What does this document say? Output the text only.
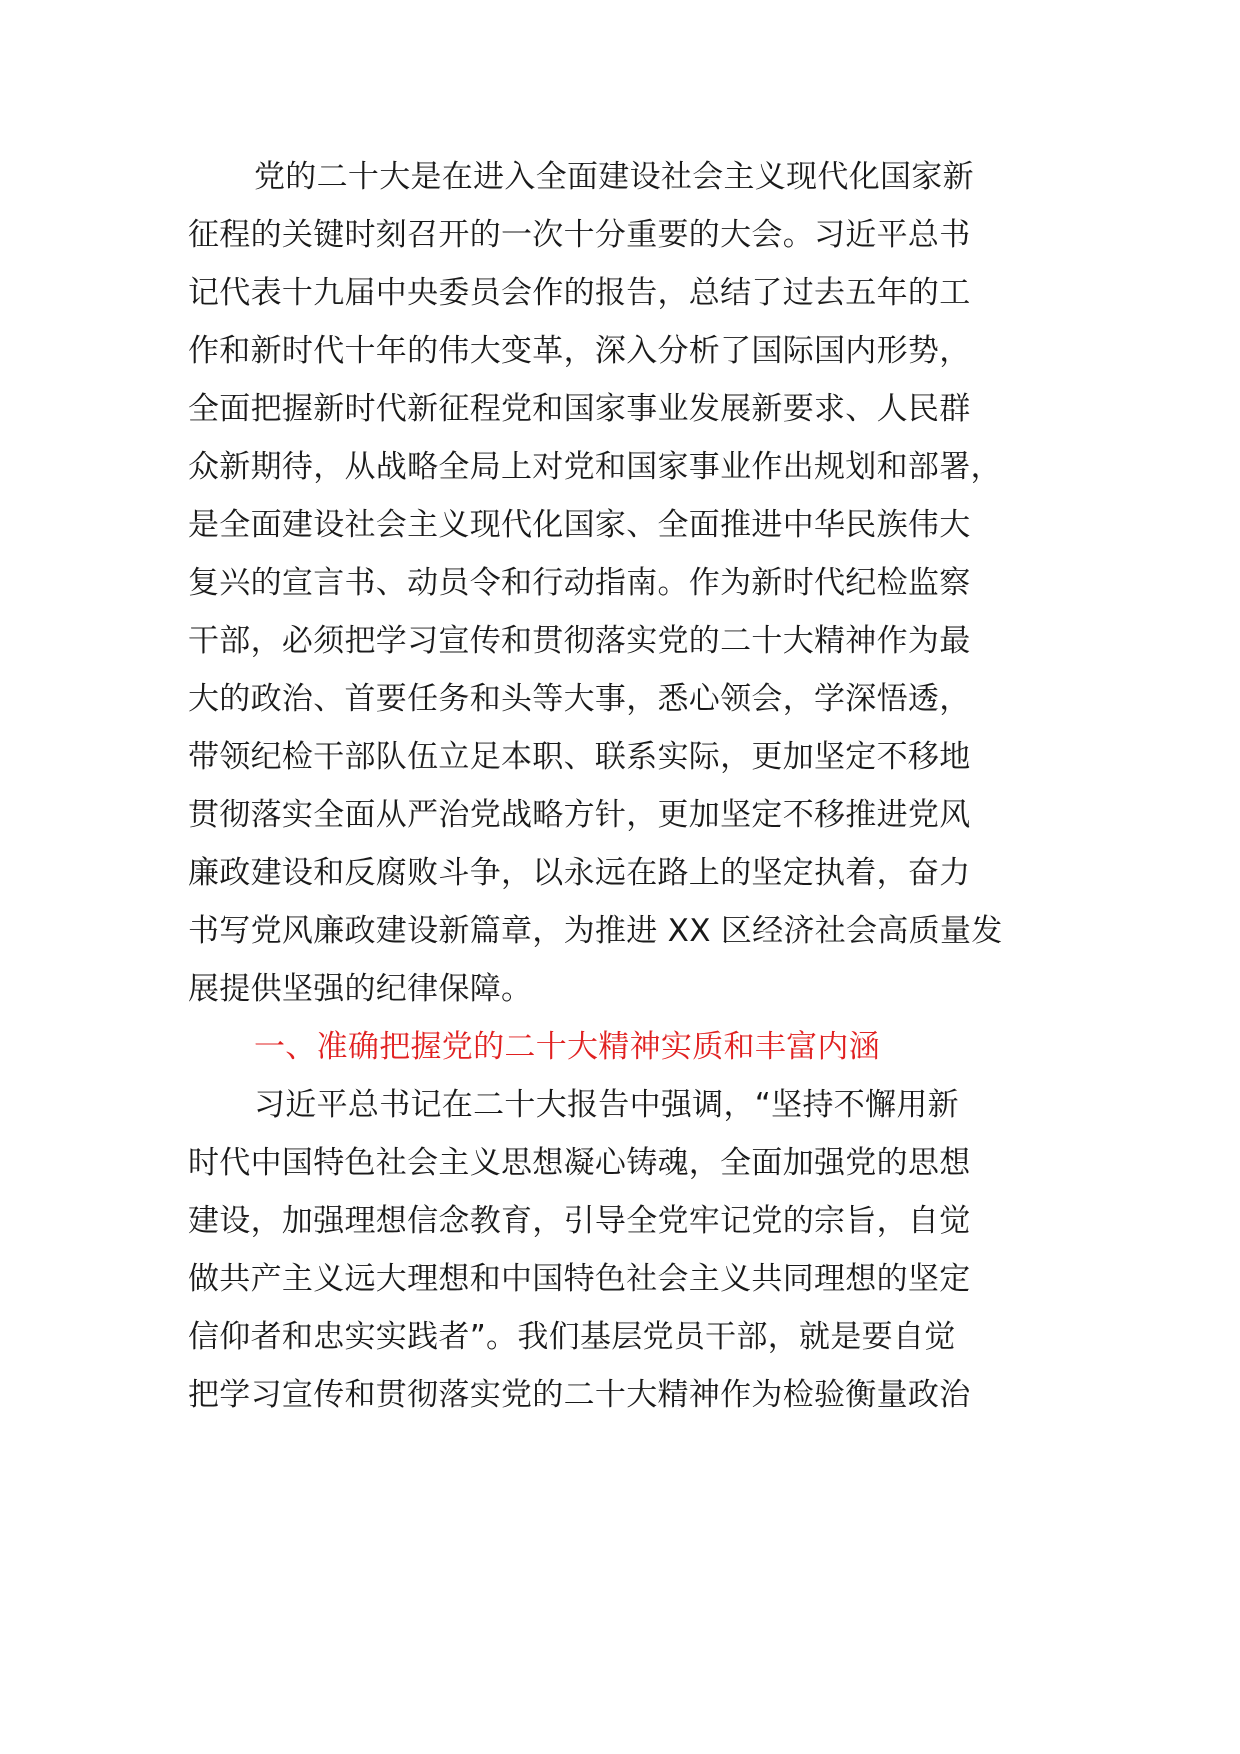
党的二十大是在进入全面建设社会主义现代化国家新
征程的关键时刻召开的一次十分重要的大会。习近平总书
记代表十九届中央委员会作的报告，总结了过去五年的工
作和新时代十年的伟大变革，深入分析了国际国内形势，
全面把握新时代新征程党和国家事业发展新要求、人民群
众新期待，从战略全局上对党和国家事业作出规划和部署，
是全面建设社会主义现代化国家、全面推进中华民族伟大
复兴的宣言书、动员令和行动指南。作为新时代纪检监察
干部，必须把学习宣传和贯彻落实党的二十大精神作为最
大的政治、首要任务和头等大事，悉心领会，学深悟透，
带领纪检干部队伍立足本职、联系实际，更加坚定不移地
贯彻落实全面从严治党战略方针，更加坚定不移推进党风
廉政建设和反腐败斗争，以永远在路上的坚定执着，奋力
书写党风廉政建设新篇章，为推进 XX 区经济社会高质量发
展提供坚强的纪律保障。
一、准确把握党的二十大精神实质和丰富内涵
习近平总书记在二十大报告中强调，“坚持不懈用新
时代中国特色社会主义思想凝心铸魂，全面加强党的思想
建设，加强理想信念教育，引导全党牢记党的宗旨，自觉
做共产主义远大理想和中国特色社会主义共同理想的坚定
信仰者和忠实实践者”。我们基层党员干部，就是要自觉
把学习宣传和贯彻落实党的二十大精神作为检验衡量政治
